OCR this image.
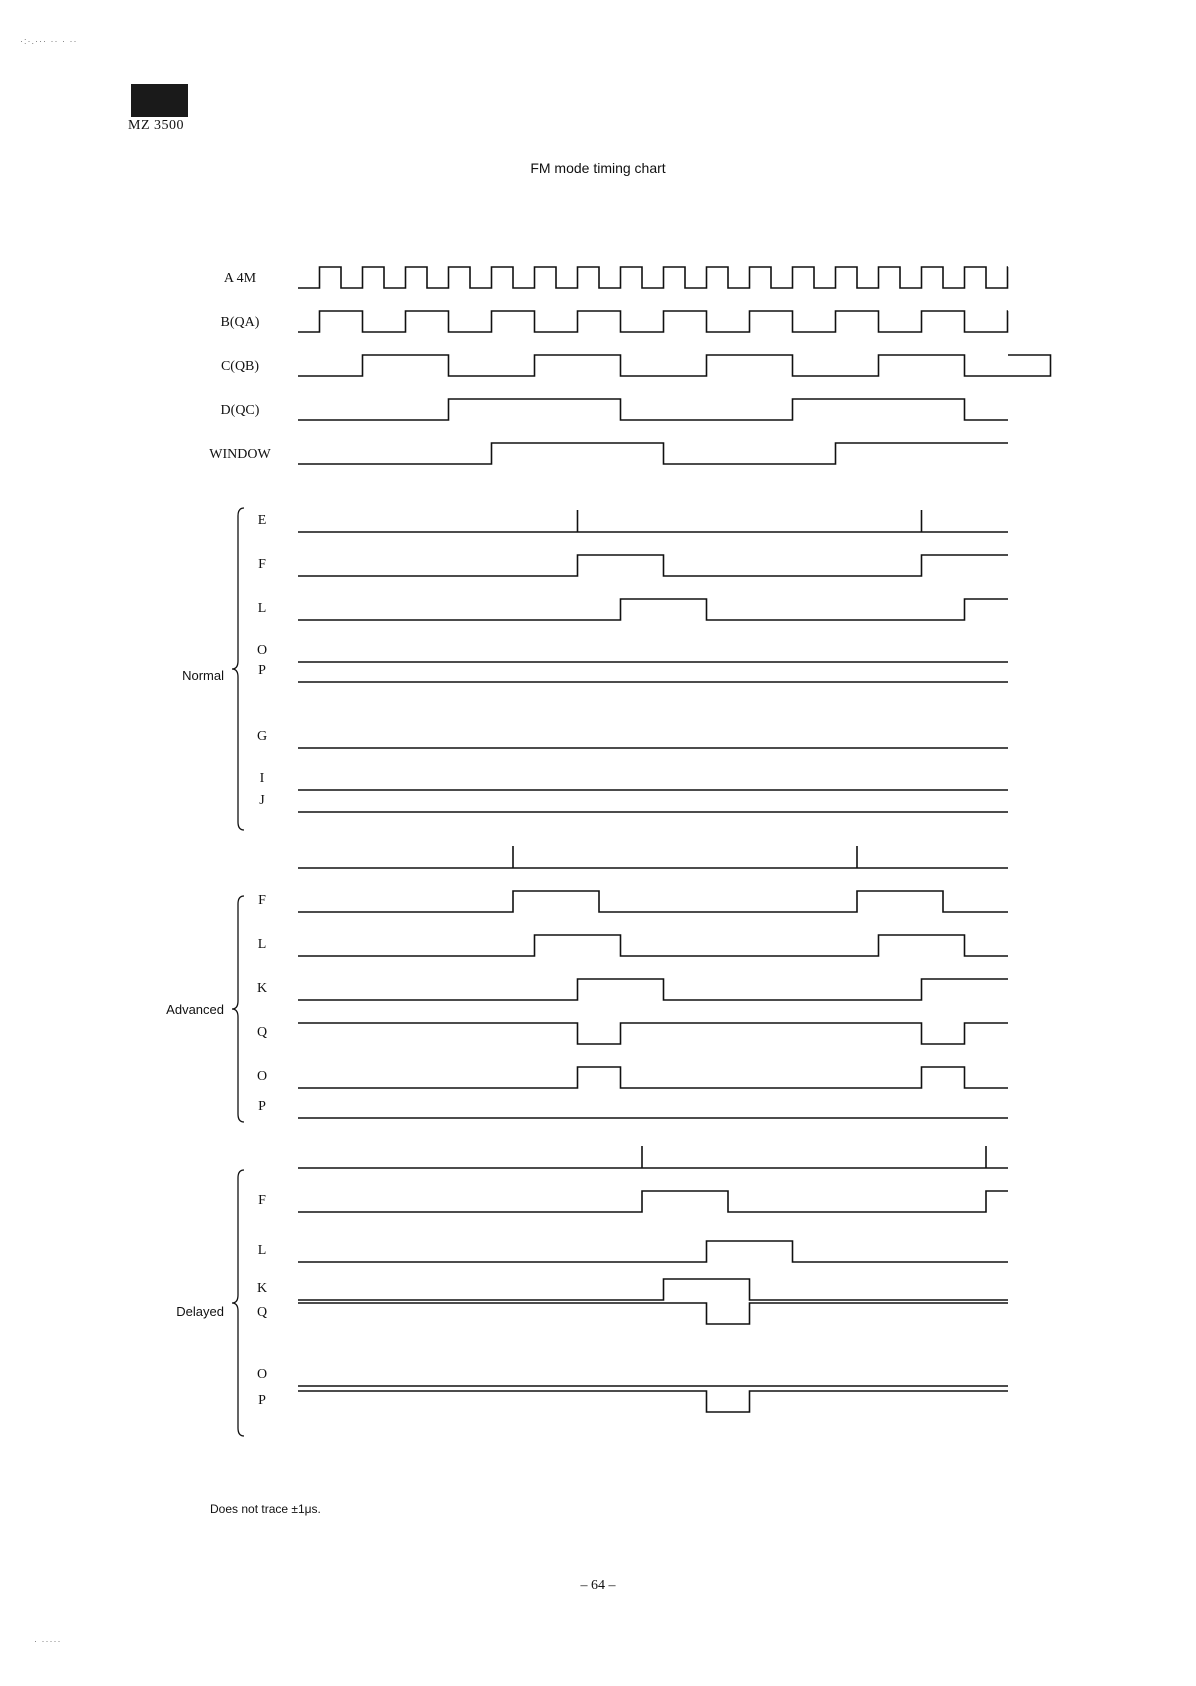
·:·.··· ·· · ··
MZ 3500
FM mode timing chart
A 4M
B(QA)
C(QB)
D(QC)
WINDOW
E
F
L
O
P
G
I
J
Normal
F
L
K
Q
O
P
Advanced
F
L
K
Q
O
P
Delayed
Does not trace ±1μs.
– 64 –
· ·····
